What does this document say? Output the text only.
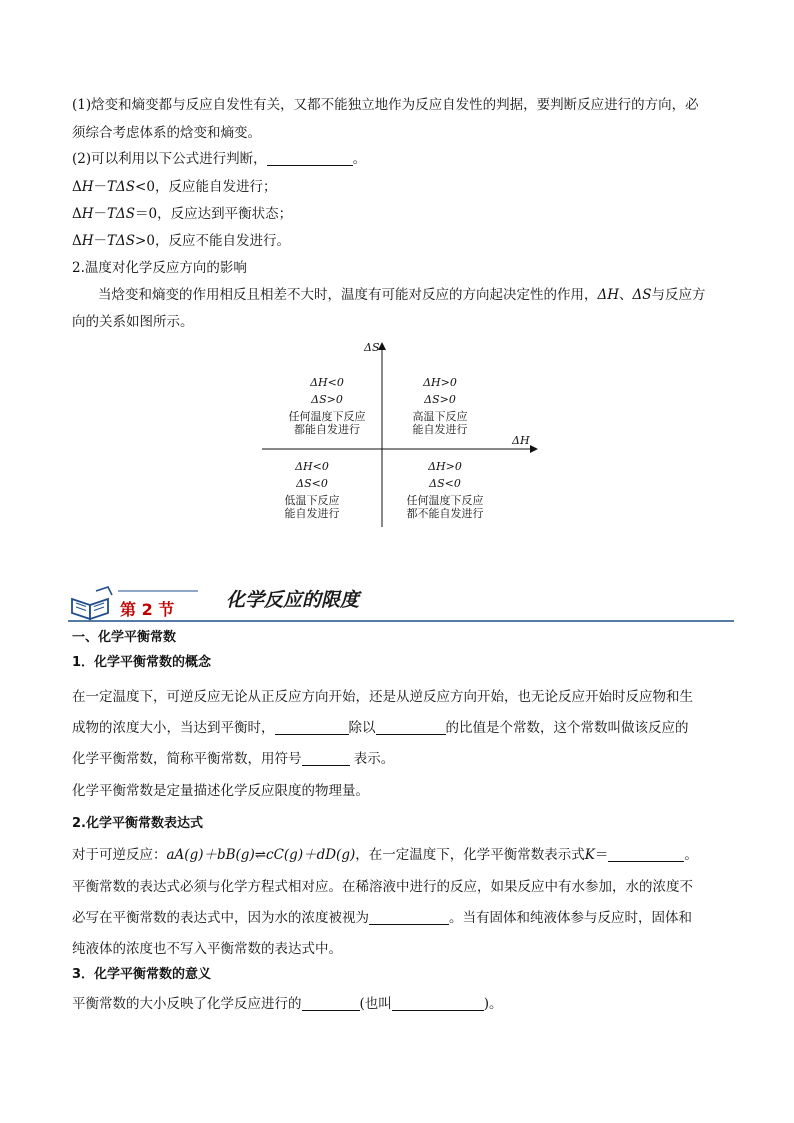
(1)焓变和熵变都与反应自发性有关，又都不能独立地作为反应自发性的判据，要判断反应进行的方向，必
须综合考虑体系的焓变和熵变。
(2)可以利用以下公式进行判断，	。
ΔH－TΔS<0，反应能自发进行；
ΔH－TΔS＝0，反应达到平衡状态；
ΔH－TΔS>0，反应不能自发进行。
2.温度对化学反应方向的影响
当焓变和熵变的作用相反且相差不大时，温度有可能对反应的方向起决定性的作用，ΔH、ΔS与反应方
向的关系如图所示。
ΔS
ΔH
ΔH<0
ΔS>0
任何温度下反应
都能自发进行
ΔH>0
ΔS>0
高温下反应
能自发进行
ΔH<0
ΔS<0
低温下反应
能自发进行
ΔH>0
ΔS<0
任何温度下反应
都不能自发进行
第 2 节	化学反应的限度
一、化学平衡常数
1．化学平衡常数的概念
在一定温度下，可逆反应无论从正反应方向开始，还是从逆反应方向开始，也无论反应开始时反应物和生
成物的浓度大小，当达到平衡时，	除以	的比值是个常数，这个常数叫做该反应的
化学平衡常数，简称平衡常数，用符号	表示。
化学平衡常数是定量描述化学反应限度的物理量。
2.化学平衡常数表达式
对于可逆反应：aA(g)＋bB(g)⇌cC(g)＋dD(g)，在一定温度下，化学平衡常数表示式K＝	。
平衡常数的表达式必须与化学方程式相对应。在稀溶液中进行的反应，如果反应中有水参加，水的浓度不
必写在平衡常数的表达式中，因为水的浓度被视为	。当有固体和纯液体参与反应时，固体和
纯液体的浓度也不写入平衡常数的表达式中。
3．化学平衡常数的意义
平衡常数的大小反映了化学反应进行的	(也叫	)。
